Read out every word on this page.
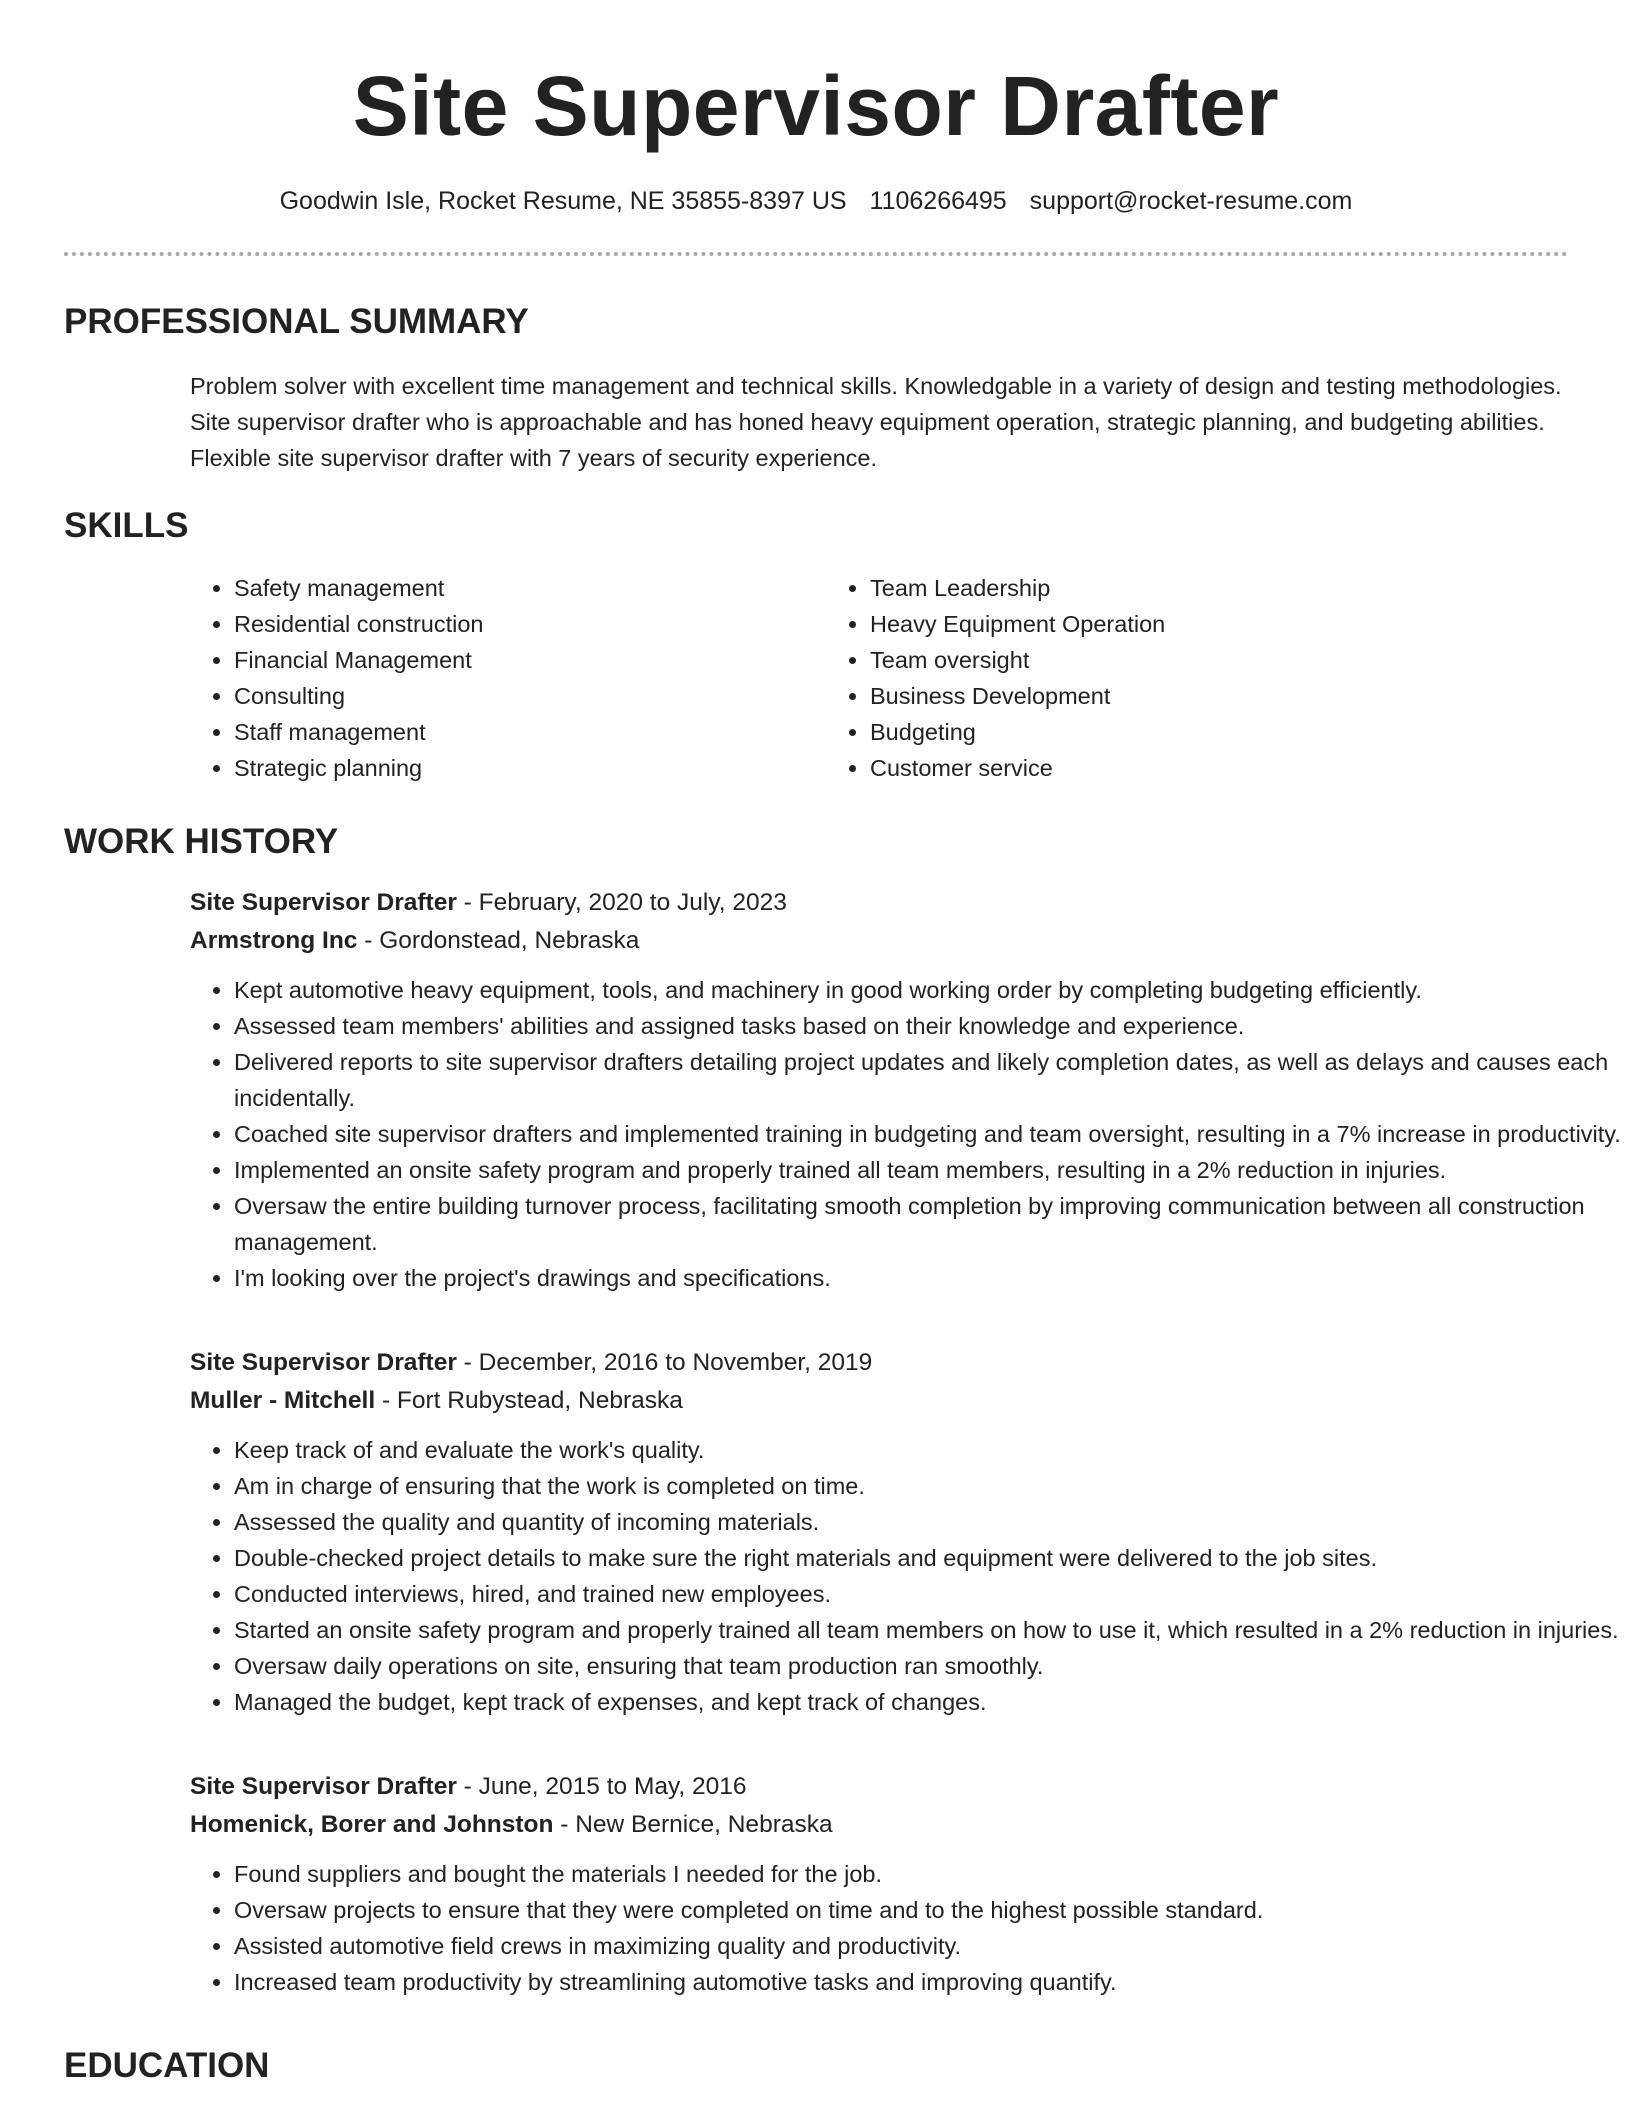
Site Supervisor Drafter
Goodwin Isle, Rocket Resume, NE 35855-8397 US 1106266495 support@rocket-resume.com
PROFESSIONAL SUMMARY

Problem solver with excellent time management and technical skills. Knowledgable in a variety of design and testing methodologies. Site supervisor drafter who is approachable and has honed heavy equipment operation, strategic planning, and budgeting abilities. Flexible site supervisor drafter with 7 years of security experience.

SKILLS
• Safety management
• Residential construction
• Financial Management
• Consulting
• Staff management
• Strategic planning
• Team Leadership
• Heavy Equipment Operation
• Team oversight
• Business Development
• Budgeting
• Customer service
WORK HISTORY
Site Supervisor Drafter - February, 2020 to July, 2023
Armstrong Inc - Gordonstead, Nebraska
• Kept automotive heavy equipment, tools, and machinery in good working order by completing budgeting efficiently.
• Assessed team members' abilities and assigned tasks based on their knowledge and experience.
• Delivered reports to site supervisor drafters detailing project updates and likely completion dates, as well as delays and causes each incidentally.
• Coached site supervisor drafters and implemented training in budgeting and team oversight, resulting in a 7% increase in productivity.
• Implemented an onsite safety program and properly trained all team members, resulting in a 2% reduction in injuries.
• Oversaw the entire building turnover process, facilitating smooth completion by improving communication between all construction management.
• I'm looking over the project's drawings and specifications.
Site Supervisor Drafter - December, 2016 to November, 2019
Muller - Mitchell - Fort Rubystead, Nebraska
• Keep track of and evaluate the work's quality.
• Am in charge of ensuring that the work is completed on time.
• Assessed the quality and quantity of incoming materials.
• Double-checked project details to make sure the right materials and equipment were delivered to the job sites.
• Conducted interviews, hired, and trained new employees.
• Started an onsite safety program and properly trained all team members on how to use it, which resulted in a 2% reduction in injuries.
• Oversaw daily operations on site, ensuring that team production ran smoothly.
• Managed the budget, kept track of expenses, and kept track of changes.
Site Supervisor Drafter - June, 2015 to May, 2016
Homenick, Borer and Johnston - New Bernice, Nebraska
• Found suppliers and bought the materials I needed for the job.
• Oversaw projects to ensure that they were completed on time and to the highest possible standard.
• Assisted automotive field crews in maximizing quality and productivity.
• Increased team productivity by streamlining automotive tasks and improving quantify.
EDUCATION
